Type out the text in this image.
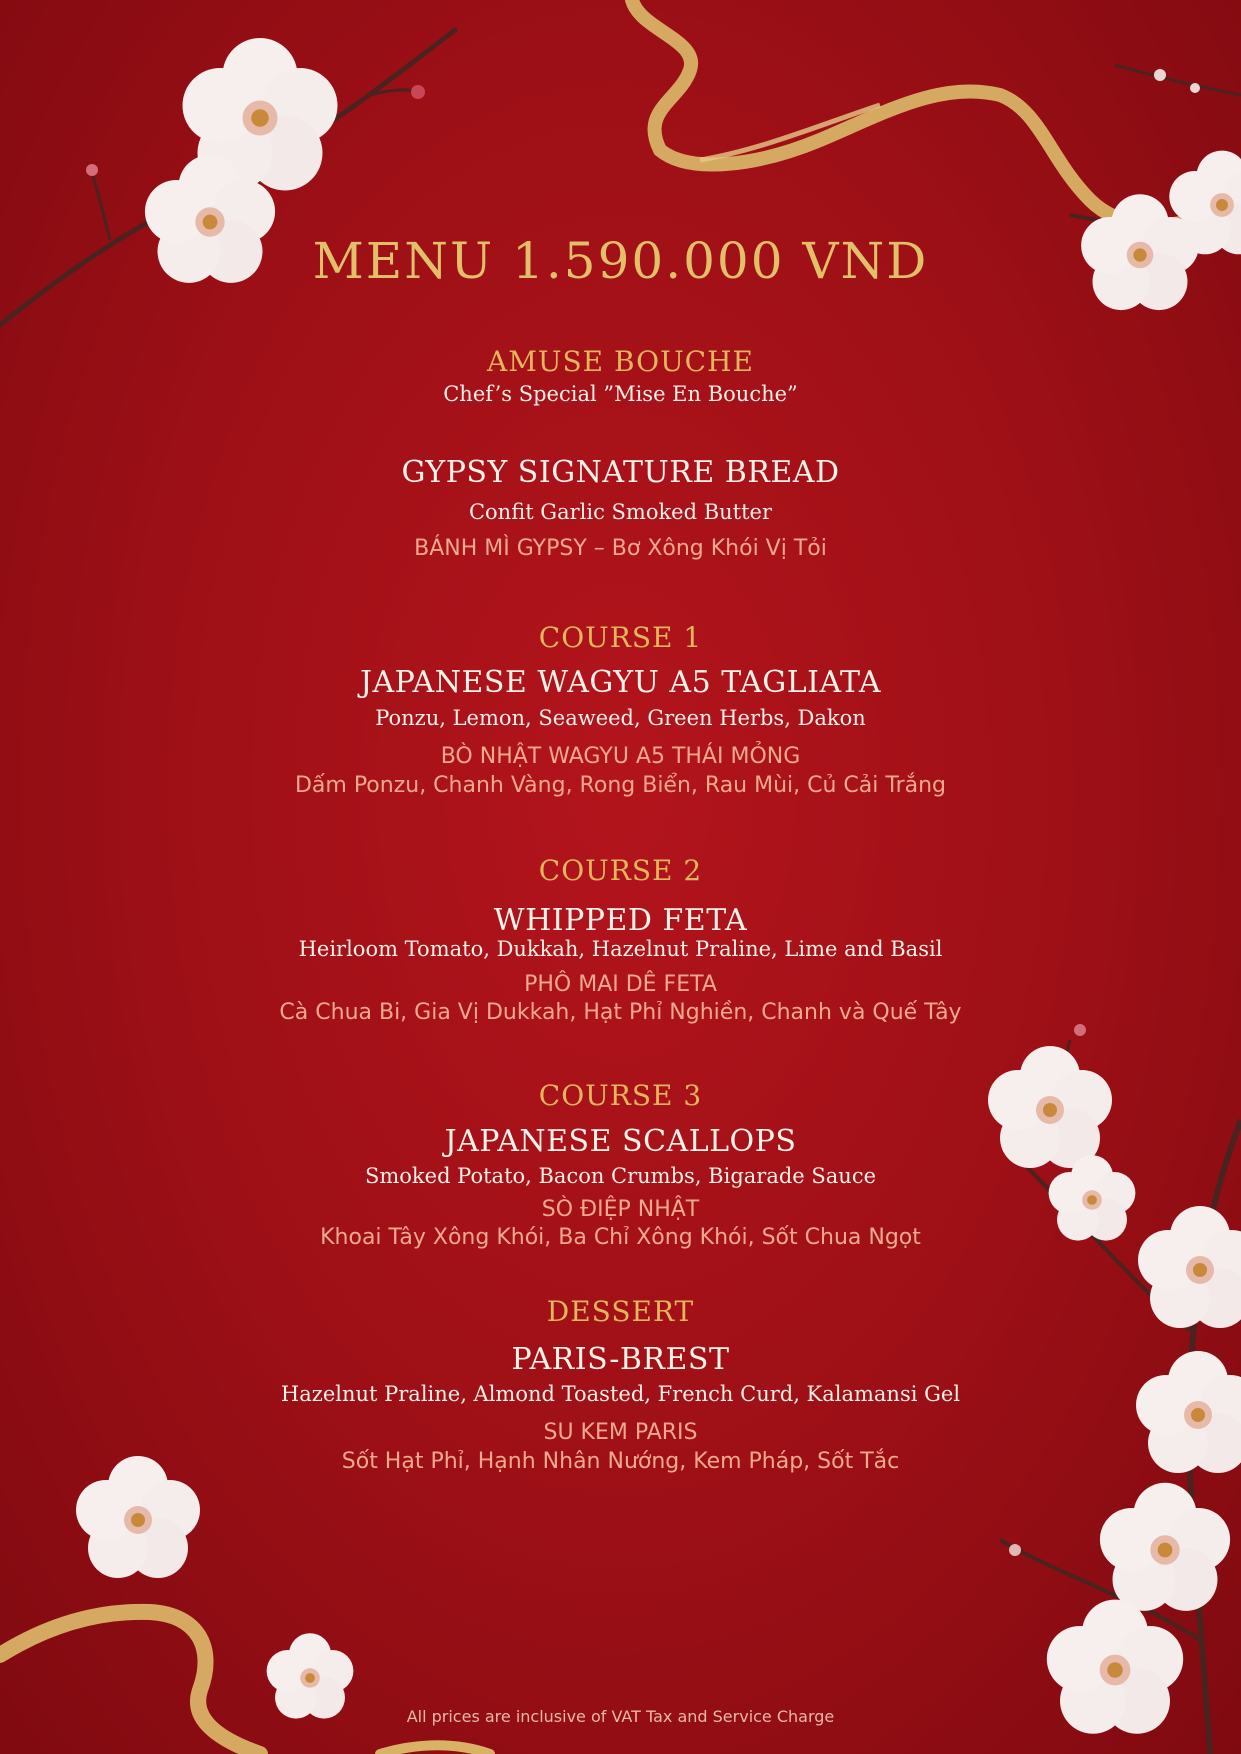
MENU 1.590.000 VND
AMUSE BOUCHE
Chef’s Special ”Mise En Bouche”
GYPSY SIGNATURE BREAD
Confit Garlic Smoked Butter
BÁNH MÌ GYPSY – Bơ Xông Khói Vị Tỏi
COURSE 1
JAPANESE WAGYU A5 TAGLIATA
Ponzu, Lemon, Seaweed, Green Herbs, Dakon
BÒ NHẬT WAGYU A5 THÁI MỎNG
Dấm Ponzu, Chanh Vàng, Rong Biển, Rau Mùi, Củ Cải Trắng
COURSE 2
WHIPPED FETA
Heirloom Tomato, Dukkah, Hazelnut Praline, Lime and Basil
PHÔ MAI DÊ FETA
Cà Chua Bi, Gia Vị Dukkah, Hạt Phỉ Nghiền, Chanh và Quế Tây
COURSE 3
JAPANESE SCALLOPS
Smoked Potato, Bacon Crumbs, Bigarade Sauce
SÒ ĐIỆP NHẬT
Khoai Tây Xông Khói, Ba Chỉ Xông Khói, Sốt Chua Ngọt
DESSERT
PARIS-BREST
Hazelnut Praline, Almond Toasted, French Curd, Kalamansi Gel
SU KEM PARIS
Sốt Hạt Phỉ, Hạnh Nhân Nướng, Kem Pháp, Sốt Tắc
All prices are inclusive of VAT Tax and Service Charge
